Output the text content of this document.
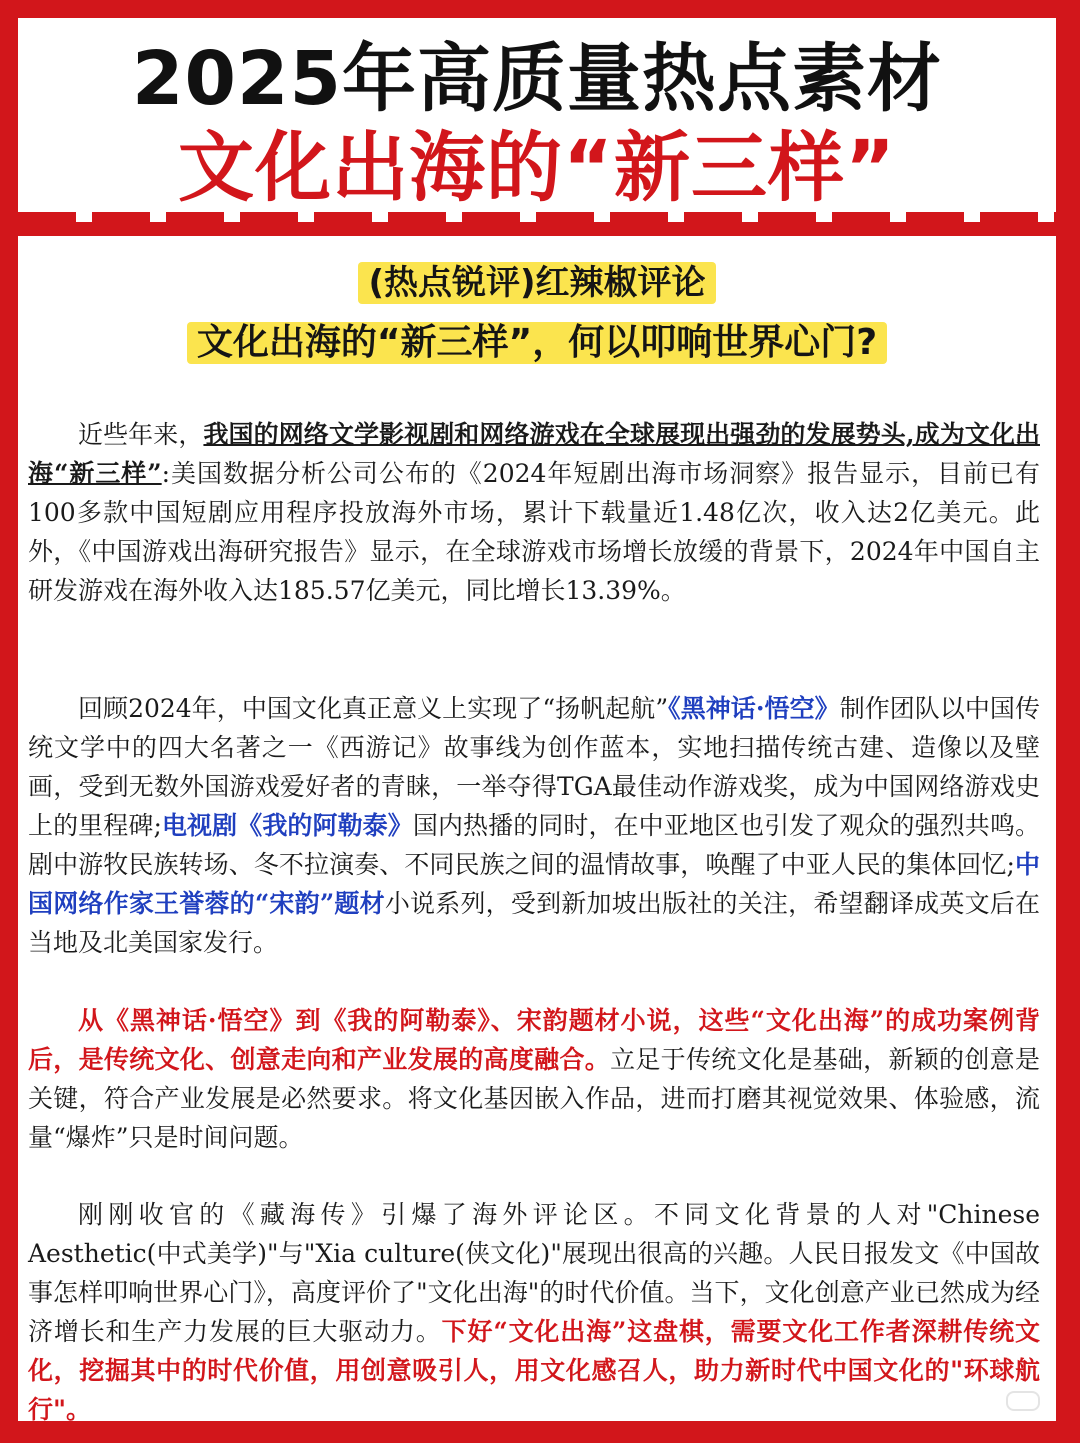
2025年高质量热点素材
文化出海的“新三样”
(热点锐评)红辣椒评论
文化出海的“新三样”，何以叩响世界心门?

近些年来，我国的网络文学影视剧和网络游戏在全球展现出强劲的发展势头,成为文化出海“新三样”:美国数据分析公司公布的《2024年短剧出海市场洞察》报告显示，目前已有100多款中国短剧应用程序投放海外市场，累计下载量近1.48亿次，收入达2亿美元。此外，《中国游戏出海研究报告》显示，在全球游戏市场增长放缓的背景下，2024年中国自主研发游戏在海外收入达185.57亿美元，同比增长13.39%。

回顾2024年，中国文化真正意义上实现了“扬帆起航”《黑神话·悟空》制作团队以中国传统文学中的四大名著之一《西游记》故事线为创作蓝本，实地扫描传统古建、造像以及壁画，受到无数外国游戏爱好者的青睐，一举夺得TGA最佳动作游戏奖，成为中国网络游戏史上的里程碑;电视剧《我的阿勒泰》国内热播的同时，在中亚地区也引发了观众的强烈共鸣。剧中游牧民族转场、冬不拉演奏、不同民族之间的温情故事，唤醒了中亚人民的集体回忆;中国网络作家王誉蓉的“宋韵”题材小说系列，受到新加坡出版社的关注，希望翻译成英文后在当地及北美国家发行。

从《黑神话·悟空》到《我的阿勒泰》、宋韵题材小说，这些“文化出海”的成功案例背后，是传统文化、创意走向和产业发展的高度融合。立足于传统文化是基础，新颖的创意是关键，符合产业发展是必然要求。将文化基因嵌入作品，进而打磨其视觉效果、体验感，流量“爆炸”只是时间问题。

刚刚收官的《藏海传》引爆了海外评论区。不同文化背景的人对"Chinese Aesthetic(中式美学)"与"Xia culture(侠文化)"展现出很高的兴趣。人民日报发文《中国故事怎样叩响世界心门》，高度评价了"文化出海"的时代价值。当下，文化创意产业已然成为经济增长和生产力发展的巨大驱动力。下好“文化出海”这盘棋，需要文化工作者深耕传统文化，挖掘其中的时代价值，用创意吸引人，用文化感召人，助力新时代中国文化的"环球航行"。
